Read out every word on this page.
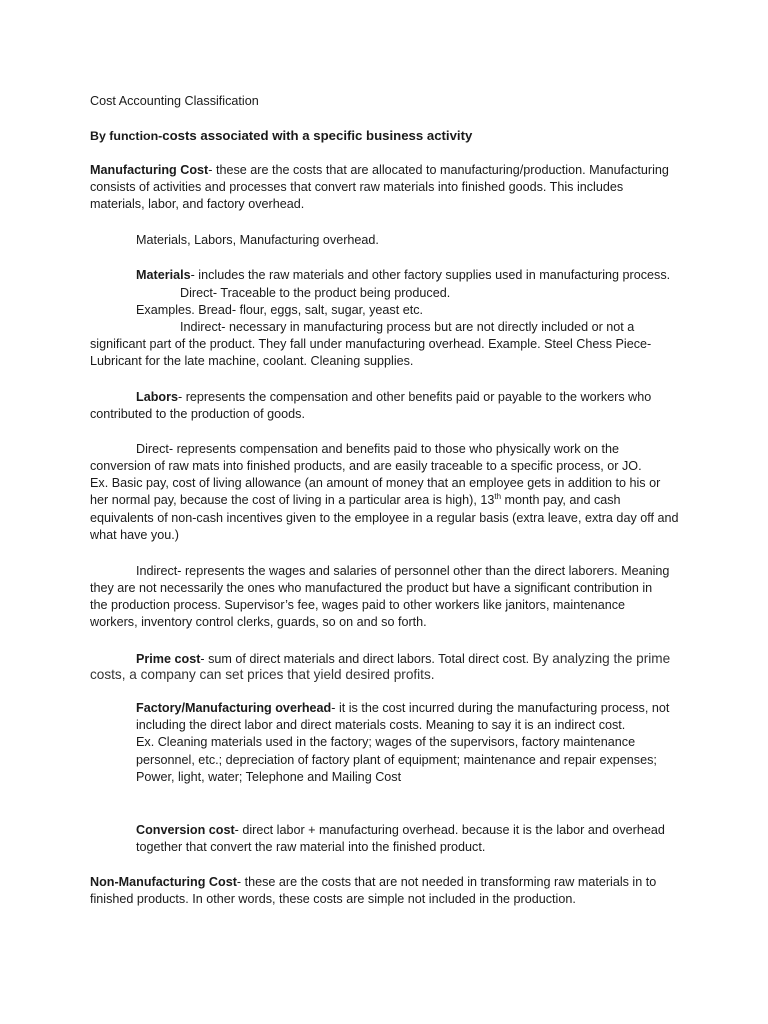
Cost Accounting Classification
By function-costs associated with a specific business activity
Manufacturing Cost- these are the costs that are allocated to manufacturing/production. Manufacturing
consists of activities and processes that convert raw materials into finished goods. This includes
materials, labor, and factory overhead.
Materials, Labors, Manufacturing overhead.
Materials- includes the raw materials and other factory supplies used in manufacturing process.
Direct- Traceable to the product being produced.
Examples. Bread- flour, eggs, salt, sugar, yeast etc.
Indirect- necessary in manufacturing process but are not directly included or not a
significant part of the product. They fall under manufacturing overhead. Example. Steel Chess Piece-
Lubricant for the late machine, coolant. Cleaning supplies.
Labors- represents the compensation and other benefits paid or payable to the workers who
contributed to the production of goods.
Direct- represents compensation and benefits paid to those who physically work on the
conversion of raw mats into finished products, and are easily traceable to a specific process, or JO.
Ex. Basic pay, cost of living allowance (an amount of money that an employee gets in addition to his or
her normal pay, because the cost of living in a particular area is high), 13th month pay, and cash
equivalents of non-cash incentives given to the employee in a regular basis (extra leave, extra day off and
what have you.)
Indirect- represents the wages and salaries of personnel other than the direct laborers. Meaning
they are not necessarily the ones who manufactured the product but have a significant contribution in
the production process. Supervisor’s fee, wages paid to other workers like janitors, maintenance
workers, inventory control clerks, guards, so on and so forth.
Prime cost- sum of direct materials and direct labors. Total direct cost. By analyzing the prime
costs, a company can set prices that yield desired profits.
Factory/Manufacturing overhead- it is the cost incurred during the manufacturing process, not
including the direct labor and direct materials costs. Meaning to say it is an indirect cost.
Ex. Cleaning materials used in the factory; wages of the supervisors, factory maintenance
personnel, etc.; depreciation of factory plant of equipment; maintenance and repair expenses;
Power, light, water; Telephone and Mailing Cost
Conversion cost- direct labor + manufacturing overhead. because it is the labor and overhead
together that convert the raw material into the finished product.
Non-Manufacturing Cost- these are the costs that are not needed in transforming raw materials in to
finished products. In other words, these costs are simple not included in the production.
